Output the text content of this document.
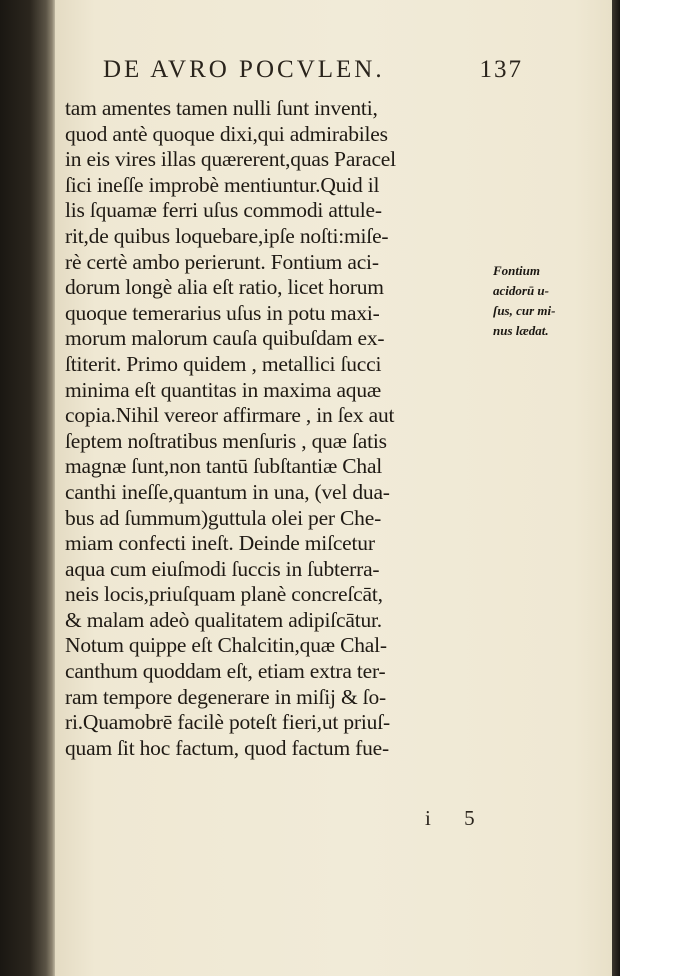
DE AVRO POCVLEN.	137
tam amentes tamen nulli ſunt inventi,
quod antè quoque dixi,qui admirabiles
in eis vires illas quærerent,quas Paracel
ſici ineſſe improbè mentiuntur.Quid il
lis ſquamæ ferri uſus commodi attule-
rit,de quibus loquebare,ipſe noſti:miſe-
rè certè ambo perierunt. Fontium aci-
dorum longè alia eſt ratio, licet horum
quoque temerarius uſus in potu maxi-
morum malorum cauſa quibuſdam ex-
ſtiterit. Primo quidem , metallici ſucci
minima eſt quantitas in maxima aquæ
copia.Nihil vereor affirmare , in ſex aut
ſeptem noſtratibus menſuris , quæ ſatis
magnæ ſunt,non tantū ſubſtantiæ Chal
canthi ineſſe,quantum in una, (vel dua-
bus ad ſummum)guttula olei per Che-
miam confecti ineſt. Deinde miſcetur
aqua cum eiuſmodi ſuccis in ſubterra-
neis locis,priuſquam planè concreſcāt,
& malam adeò qualitatem adipiſcātur.
Notum quippe eſt Chalcitin,quæ Chal-
canthum quoddam eſt, etiam extra ter-
ram tempore degenerare in miſij & ſo-
ri.Quamobrē facilè poteſt fieri,ut priuſ-
quam ſit hoc factum, quod factum fue-
Fontium
acidorū u-
ſus, cur mi-
nus lædat.
i 5
